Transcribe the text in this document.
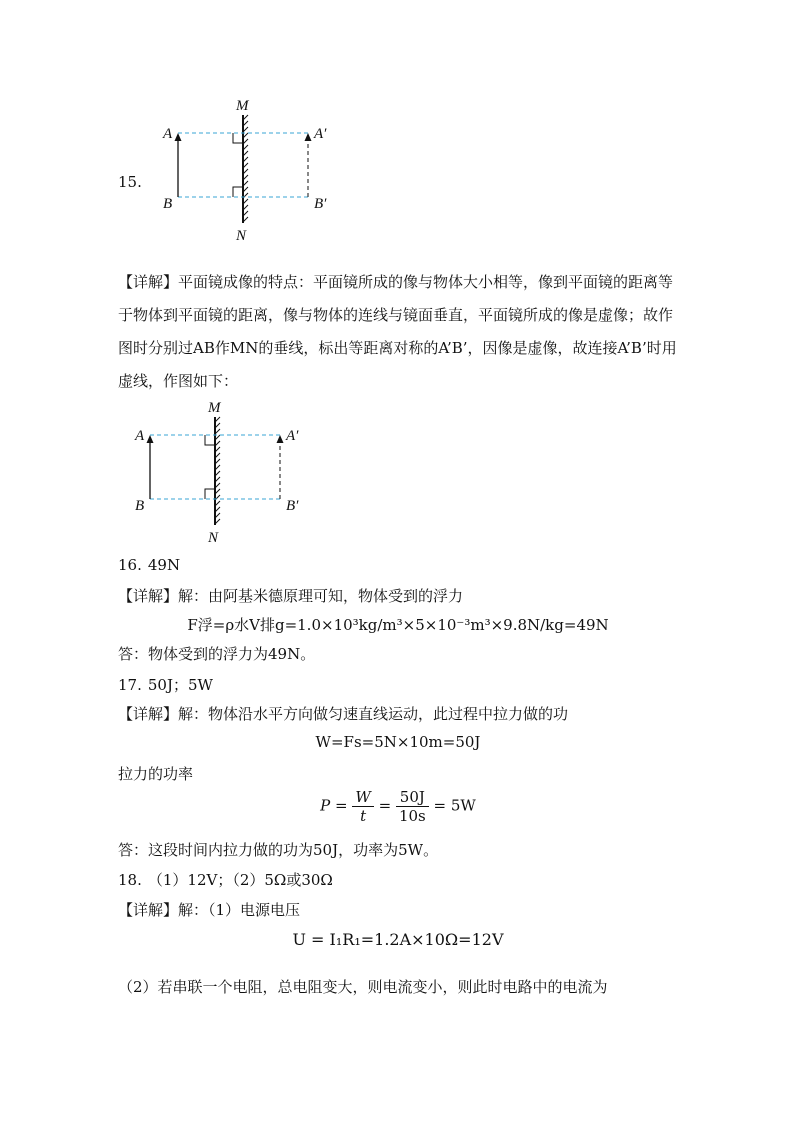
15.
M
N
A
B
A′
B′
【详解】平面镜成像的特点：平面镜所成的像与物体大小相等，像到平面镜的距离等于物体到平面镜的距离，像与物体的连线与镜面垂直，平面镜所成的像是虚像；故作图时分别过AB作MN的垂线，标出等距离对称的A’B’，因像是虚像，故连接A’B’时用虚线，作图如下：
M
N
A
B
A′
B′
16. 49N
【详解】解：由阿基米德原理可知，物体受到的浮力
F浮=ρ水V排g=1.0×10³kg/m³×5×10⁻³m³×9.8N/kg=49N
答：物体受到的浮力为49N。
17. 50J；5W
【详解】解：物体沿水平方向做匀速直线运动，此过程中拉力做的功
W=Fs=5N×10m=50J
拉力的功率
$P = \frac{W}{t} = \frac{50J}{10s} = 5W$
答：这段时间内拉力做的功为50J，功率为5W。
18. （1）12V；（2）5Ω或30Ω
【详解】解：（1）电源电压
U = I₁R₁=1.2A×10Ω=12V
（2）若串联一个电阻，总电阻变大，则电流变小，则此时电路中的电流为
